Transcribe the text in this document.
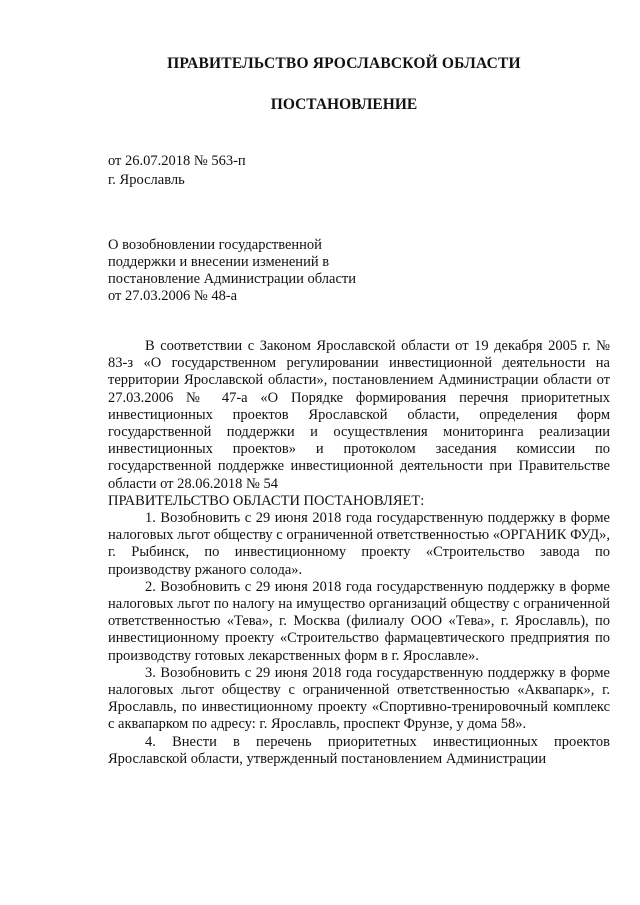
ПРАВИТЕЛЬСТВО ЯРОСЛАВСКОЙ ОБЛАСТИ
ПОСТАНОВЛЕНИЕ
от 26.07.2018 № 563-п
г. Ярославль
О возобновлении государственной поддержки и внесении изменений в постановление Администрации области от 27.03.2006 № 48-а

В соответствии с Законом Ярославской области от 19 декабря 2005 г. № 83-з «О государственном регулировании инвестиционной деятельности на территории Ярославской области», постановлением Администрации области от 27.03.2006 № 47-а «О Порядке формирования перечня приоритетных инвестиционных проектов Ярославской области, определения форм государственной поддержки и осуществления мониторинга реализации инвестиционных проектов» и протоколом заседания комиссии по государственной поддержке инвестиционной деятельности при Правительстве области от 28.06.2018 № 54

ПРАВИТЕЛЬСТВО ОБЛАСТИ ПОСТАНОВЛЯЕТ:

1. Возобновить с 29 июня 2018 года государственную поддержку в форме налоговых льгот обществу с ограниченной ответственностью «ОРГАНИК ФУД», г. Рыбинск, по инвестиционному проекту «Строительство завода по производству ржаного солода».

2. Возобновить с 29 июня 2018 года государственную поддержку в форме налоговых льгот по налогу на имущество организаций обществу с ограниченной ответственностью «Тева», г. Москва (филиалу ООО «Тева», г. Ярославль), по инвестиционному проекту «Строительство фармацевтического предприятия по производству готовых лекарственных форм в г. Ярославле».

3. Возобновить с 29 июня 2018 года государственную поддержку в форме налоговых льгот обществу с ограниченной ответственностью «Аквапарк», г. Ярославль, по инвестиционному проекту «Спортивно-тренировочный комплекс с аквапарком по адресу: г. Ярославль, проспект Фрунзе, у дома 58».

4. Внести в перечень приоритетных инвестиционных проектов Ярославской области, утвержденный постановлением Администрации
